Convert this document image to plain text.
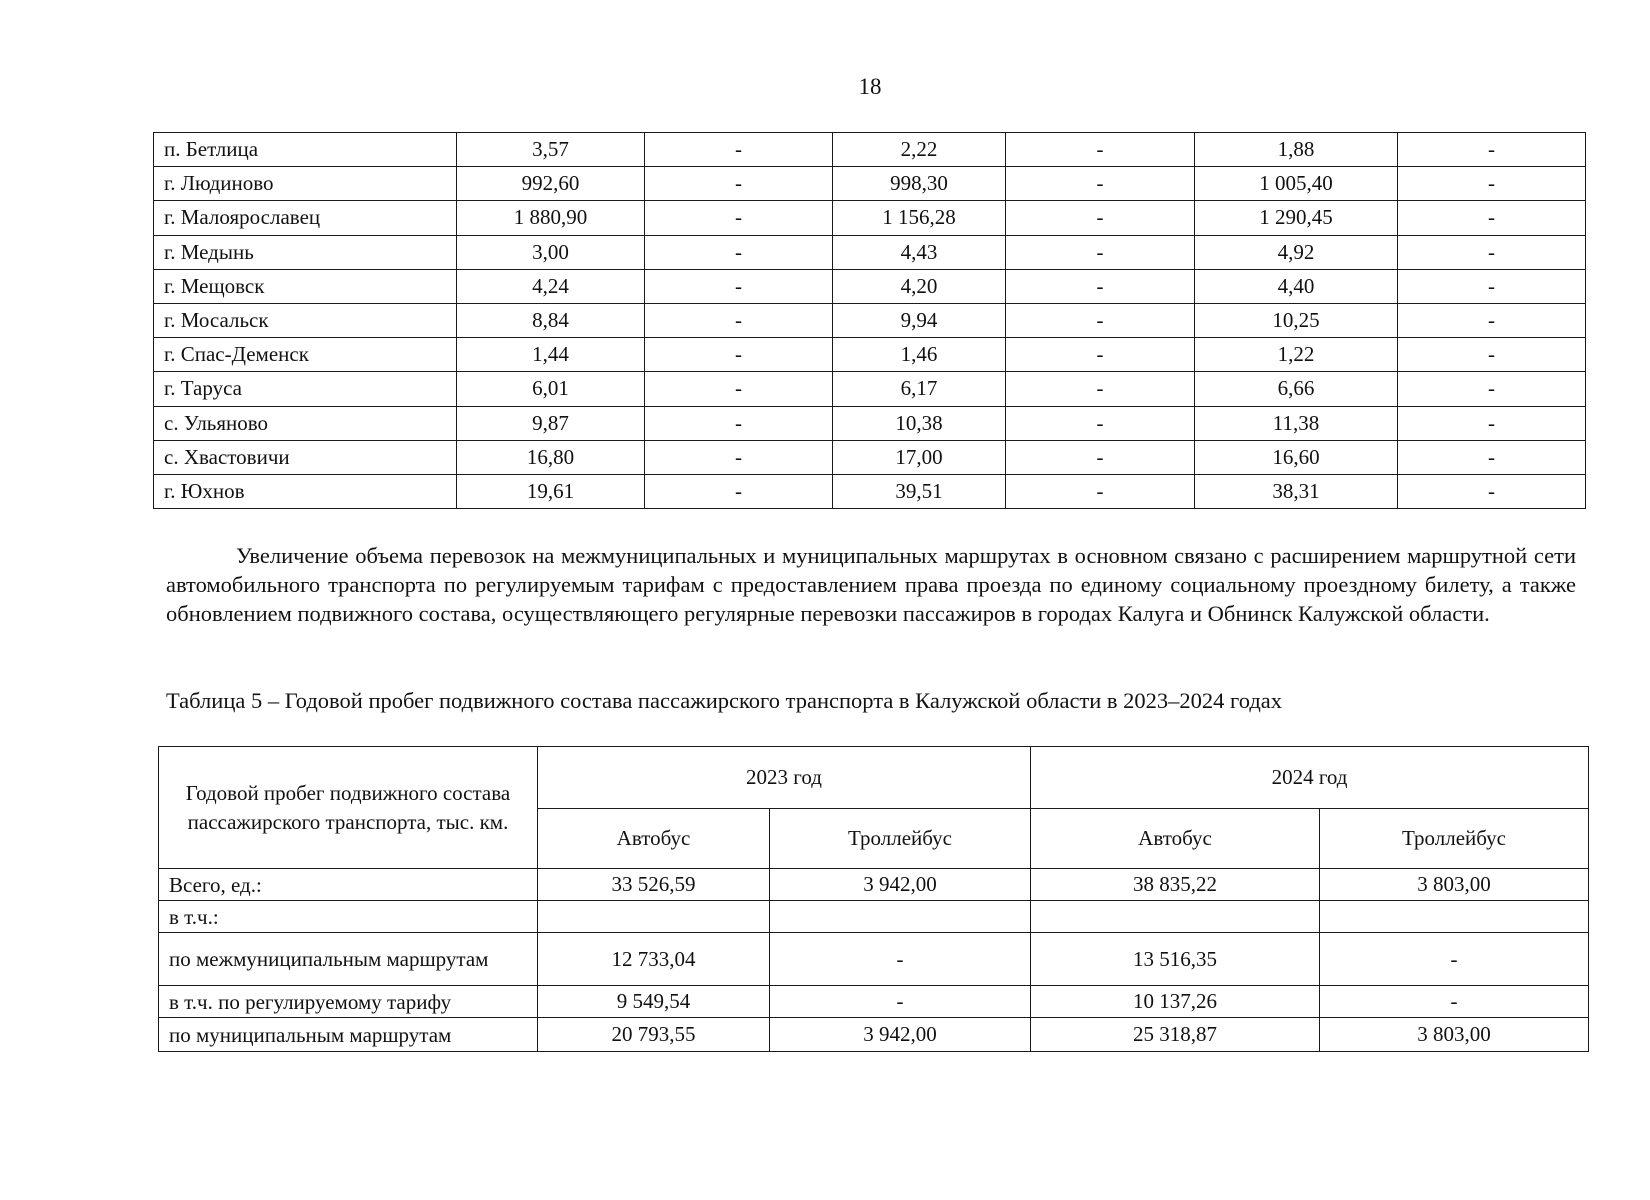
18
п. Бетлица	3,57	-	2,22	-	1,88	-
г. Людиново	992,60	-	998,30	-	1 005,40	-
г. Малоярославец	1 880,90	-	1 156,28	-	1 290,45	-
г. Медынь	3,00	-	4,43	-	4,92	-
г. Мещовск	4,24	-	4,20	-	4,40	-
г. Мосальск	8,84	-	9,94	-	10,25	-
г. Спас-Деменск	1,44	-	1,46	-	1,22	-
г. Таруса	6,01	-	6,17	-	6,66	-
с. Ульяново	9,87	-	10,38	-	11,38	-
с. Хвастовичи	16,80	-	17,00	-	16,60	-
г. Юхнов	19,61	-	39,51	-	38,31	-

Увеличение объема перевозок на межмуниципальных и муниципальных маршрутах в основном связано с расширением маршрутной сети автомобильного транспорта по регулируемым тарифам с предоставлением права проезда по единому социальному проездному билету, а также обновлением подвижного состава, осуществляющего регулярные перевозки пассажиров в городах Калуга и Обнинск Калужской области.

Таблица 5 – Годовой пробег подвижного состава пассажирского транспорта в Калужской области в 2023–2024 годах

Годовой пробег подвижного состава пассажирского транспорта, тыс. км.	2023 год		2024 год	
	Автобус	Троллейбус	Автобус	Троллейбус
Всего, ед.:	33 526,59	3 942,00	38 835,22	3 803,00
в т.ч.:				
по межмуниципальным маршрутам	12 733,04	-	13 516,35	-
в т.ч. по регулируемому тарифу	9 549,54	-	10 137,26	-
по муниципальным маршрутам	20 793,55	3 942,00	25 318,87	3 803,00
